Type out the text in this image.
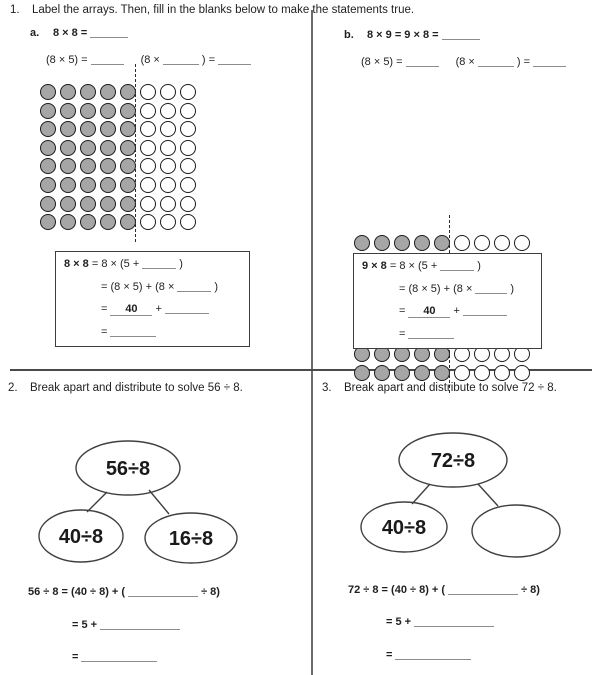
1. Label the arrays. Then, fill in the blanks below to make the statements true.
a. 8 × 8 =
(8 × 5) =	(8 ×	) =
8 × 8 = 8 × (5 +	)
= (8 × 5) + (8 ×	)
= 40 +
=
b. 8 × 9 = 9 × 8 =
(8 × 5) =	(8 ×	) =
9 × 8 = 8 × (5 +	)
= (8 × 5) + (8 ×	)
= 40 +
=
2. Break apart and distribute to solve 56 ÷ 8.
56÷8
40÷8	16÷8
56 ÷ 8 = (40 ÷ 8) + (	÷ 8)
= 5 +
=
3. Break apart and distribute to solve 72 ÷ 8.
72÷8
40÷8
72 ÷ 8 = (40 ÷ 8) + (	÷ 8)
= 5 +
=
